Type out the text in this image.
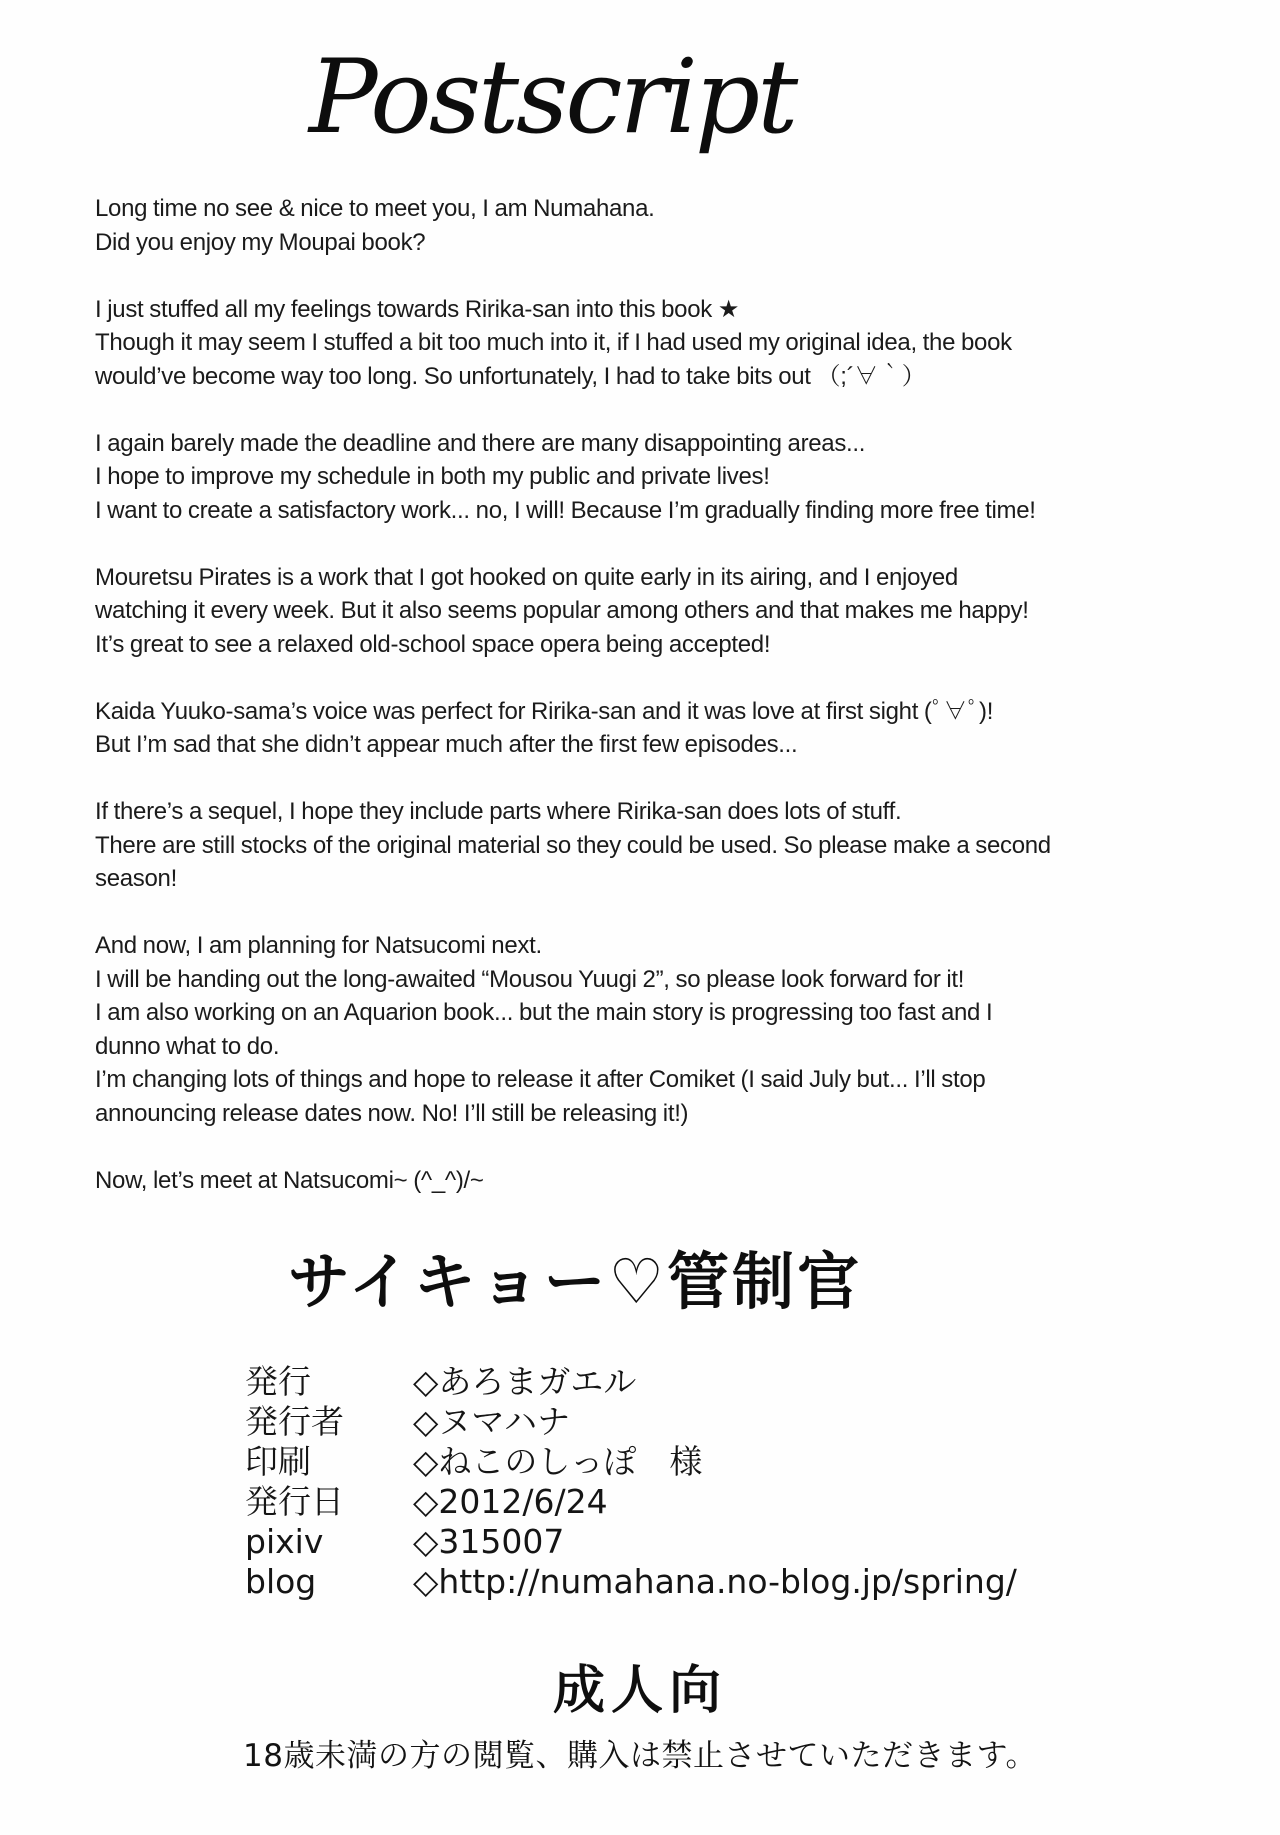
Postscript
Long time no see & nice to meet you, I am Numahana.
Did you enjoy my Moupai book?
I just stuffed all my feelings towards Ririka-san into this book ★
Though it may seem I stuffed a bit too much into it, if I had used my original idea, the book
would’ve become way too long. So unfortunately, I had to take bits out （;´∀｀）
I again barely made the deadline and there are many disappointing areas...
I hope to improve my schedule in both my public and private lives!
I want to create a satisfactory work... no, I will! Because I’m gradually finding more free time!
Mouretsu Pirates is a work that I got hooked on quite early in its airing, and I enjoyed
watching it every week. But it also seems popular among others and that makes me happy!
It’s great to see a relaxed old-school space opera being accepted!
Kaida Yuuko-sama’s voice was perfect for Ririka-san and it was love at first sight (ﾟ∀ﾟ)!
But I’m sad that she didn’t appear much after the first few episodes...
If there’s a sequel, I hope they include parts where Ririka-san does lots of stuff.
There are still stocks of the original material so they could be used. So please make a second
season!
And now, I am planning for Natsucomi next.
I will be handing out the long-awaited “Mousou Yuugi 2”, so please look forward for it!
I am also working on an Aquarion book... but the main story is progressing too fast and I
dunno what to do.
I’m changing lots of things and hope to release it after Comiket (I said July but... I’ll stop
announcing release dates now. No! I’ll still be releasing it!)
Now, let’s meet at Natsucomi~ (^_^)/~
サイキョー♡管制官
発行	◇あろまガエル
発行者	◇ヌマハナ
印刷	◇ねこのしっぽ　様
発行日	◇2012/6/24
pixiv	◇315007
blog	◇http://numahana.no-blog.jp/spring/
成人向
18歳未満の方の閲覧、購入は禁止させていただきます。
